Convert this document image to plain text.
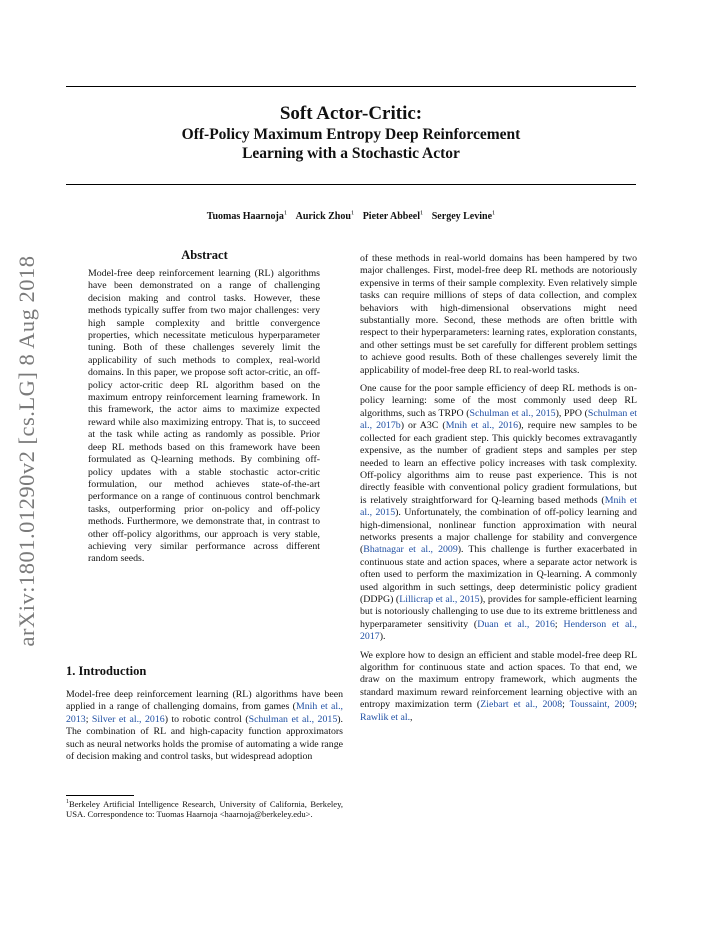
Soft Actor-Critic:
Off-Policy Maximum Entropy Deep Reinforcement
Learning with a Stochastic Actor
Tuomas Haarnoja$^1$ Aurick Zhou$^1$ Pieter Abbeel$^1$ Sergey Levine$^1$
arXiv:1801.01290v2 [cs.LG] 8 Aug 2018
Abstract
Model-free deep reinforcement learning (RL) algorithms have been demonstrated on a range of challenging decision making and control tasks. However, these methods typically suffer from two major challenges: very high sample complexity and brittle convergence properties, which necessitate meticulous hyperparameter tuning. Both of these challenges severely limit the applicability of such methods to complex, real-world domains. In this paper, we propose soft actor-critic, an off-policy actor-critic deep RL algorithm based on the maximum entropy reinforcement learning framework. In this framework, the actor aims to maximize expected reward while also maximizing entropy. That is, to succeed at the task while acting as randomly as possible. Prior deep RL methods based on this framework have been formulated as Q-learning methods. By combining off-policy updates with a stable stochastic actor-critic formulation, our method achieves state-of-the-art performance on a range of continuous control benchmark tasks, outperforming prior on-policy and off-policy methods. Furthermore, we demonstrate that, in contrast to other off-policy algorithms, our approach is very stable, achieving very similar performance across different random seeds.
1. Introduction

Model-free deep reinforcement learning (RL) algorithms have been applied in a range of challenging domains, from games (Mnih et al., 2013; Silver et al., 2016) to robotic control (Schulman et al., 2015). The combination of RL and high-capacity function approximators such as neural networks holds the promise of automating a wide range of decision making and control tasks, but widespread adoption

$^1$Berkeley Artificial Intelligence Research, University of California, Berkeley, USA. Correspondence to: Tuomas Haarnoja <haarnoja@berkeley.edu>.

of these methods in real-world domains has been hampered by two major challenges. First, model-free deep RL methods are notoriously expensive in terms of their sample complexity. Even relatively simple tasks can require millions of steps of data collection, and complex behaviors with high-dimensional observations might need substantially more. Second, these methods are often brittle with respect to their hyperparameters: learning rates, exploration constants, and other settings must be set carefully for different problem settings to achieve good results. Both of these challenges severely limit the applicability of model-free deep RL to real-world tasks.

One cause for the poor sample efficiency of deep RL methods is on-policy learning: some of the most commonly used deep RL algorithms, such as TRPO (Schulman et al., 2015), PPO (Schulman et al., 2017b) or A3C (Mnih et al., 2016), require new samples to be collected for each gradient step. This quickly becomes extravagantly expensive, as the number of gradient steps and samples per step needed to learn an effective policy increases with task complexity. Off-policy algorithms aim to reuse past experience. This is not directly feasible with conventional policy gradient formulations, but is relatively straightforward for Q-learning based methods (Mnih et al., 2015). Unfortunately, the combination of off-policy learning and high-dimensional, nonlinear function approximation with neural networks presents a major challenge for stability and convergence (Bhatnagar et al., 2009). This challenge is further exacerbated in continuous state and action spaces, where a separate actor network is often used to perform the maximization in Q-learning. A commonly used algorithm in such settings, deep deterministic policy gradient (DDPG) (Lillicrap et al., 2015), provides for sample-efficient learning but is notoriously challenging to use due to its extreme brittleness and hyperparameter sensitivity (Duan et al., 2016; Henderson et al., 2017).

We explore how to design an efficient and stable model-free deep RL algorithm for continuous state and action spaces. To that end, we draw on the maximum entropy framework, which augments the standard maximum reward reinforcement learning objective with an entropy maximization term (Ziebart et al., 2008; Toussaint, 2009; Rawlik et al.,
